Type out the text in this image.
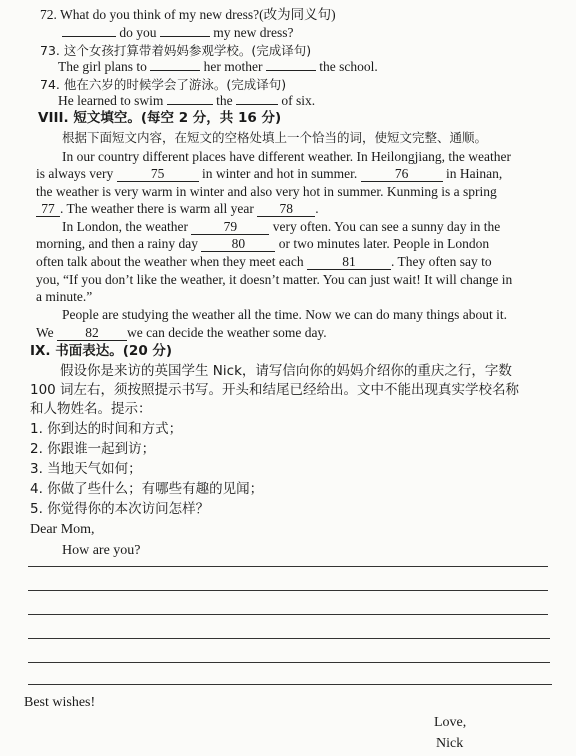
72. What do you think of my new dress?(改为同义句)
do you	my new dress?
73. 这个女孩打算带着妈妈参观学校。(完成译句)
The girl plans to	her mother	the school.
74. 他在六岁的时候学会了游泳。(完成译句)
He learned to swim	the	of six.
VIII. 短文填空。(每空 2 分，共 16 分)
根据下面短文内容，在短文的空格处填上一个恰当的词，使短文完整、通顺。
In our country different places have different weather. In Heilongjiang, the weather
is always very	75	in winter and hot in summer.	76	in Hainan,
the weather is very warm in winter and also very hot in summer. Kunming is a spring
77 . The weather there is warm all year 78 .
In London, the weather	79	very often. You can see a sunny day in the
morning, and then a rainy day 80 or two minutes later. People in London
often talk about the weather when they meet each	81	. They often say to
you, “If you don’t like the weather, it doesn’t matter. You can just wait! It will change in
a minute.”
People are studying the weather all the time. Now we can do many things about it.
We 82 we can decide the weather some day.
IX. 书面表达。(20 分)
假设你是来访的英国学生 Nick，请写信向你的妈妈介绍你的重庆之行，字数
100 词左右，须按照提示书写。开头和结尾已经给出。文中不能出现真实学校名称
和人物姓名。提示：
1. 你到达的时间和方式；
2. 你跟谁一起到访；
3. 当地天气如何；
4. 你做了些什么；有哪些有趣的见闻；
5. 你觉得你的本次访问怎样？
Dear Mom,
How are you?
Best wishes!
Love,
Nick
